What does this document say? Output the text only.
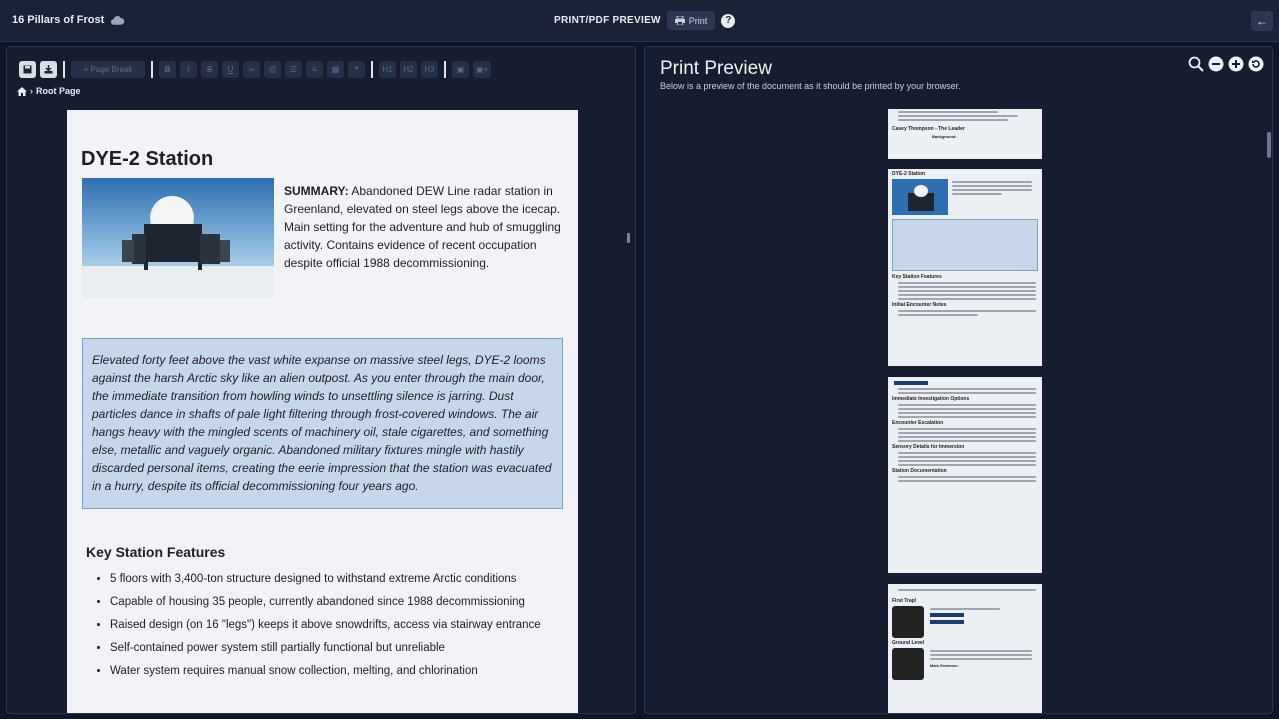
16 Pillars of Frost	PRINT/PDF PREVIEW	Print	?	←
+
Page Break	B	I	S	U	∞ @ ☰ ≡ ▦ ❝	H1	H2	H3	▣ ▣+
› Root Page
DYE-2 Station

SUMMARY: Abandoned DEW Line radar station in Greenland, elevated on steel legs above the icecap. Main setting for the adventure and hub of smuggling activity. Contains evidence of recent occupation despite official 1988 decommissioning.

Elevated forty feet above the vast white expanse on massive steel legs, DYE-2 looms against the harsh Arctic sky like an alien outpost. As you enter through the main door, the immediate transition from howling winds to unsettling silence is jarring. Dust particles dance in shafts of pale light filtering through frost-covered windows. The air hangs heavy with the mingled scents of machinery oil, stale cigarettes, and something else, metallic and vaguely organic. Abandoned military fixtures mingle with hastily discarded personal items, creating the eerie impression that the station was evacuated in a hurry, despite its official decommissioning four years ago.
Key Station Features
• 5 floors with 3,400-ton structure designed to withstand extreme Arctic conditions
• Capable of housing 35 people, currently abandoned since 1988 decommissioning
• Raised design (on 16 "legs") keeps it above snowdrifts, access via stairway entrance
• Self-contained power system still partially functional but unreliable
• Water system requires manual snow collection, melting, and chlorination
Print Preview
Below is a preview of the document as it should be printed by your browser.
Casey Thompson - The Leader
Background:
DYE-2 Station
Key Station Features
Initial Encounter Notes
Immediate Investigation Options
Encounter Escalation
Sensory Details for Immersion
Station Documentation
First Trap!

Ground Level
Main Entrance:
